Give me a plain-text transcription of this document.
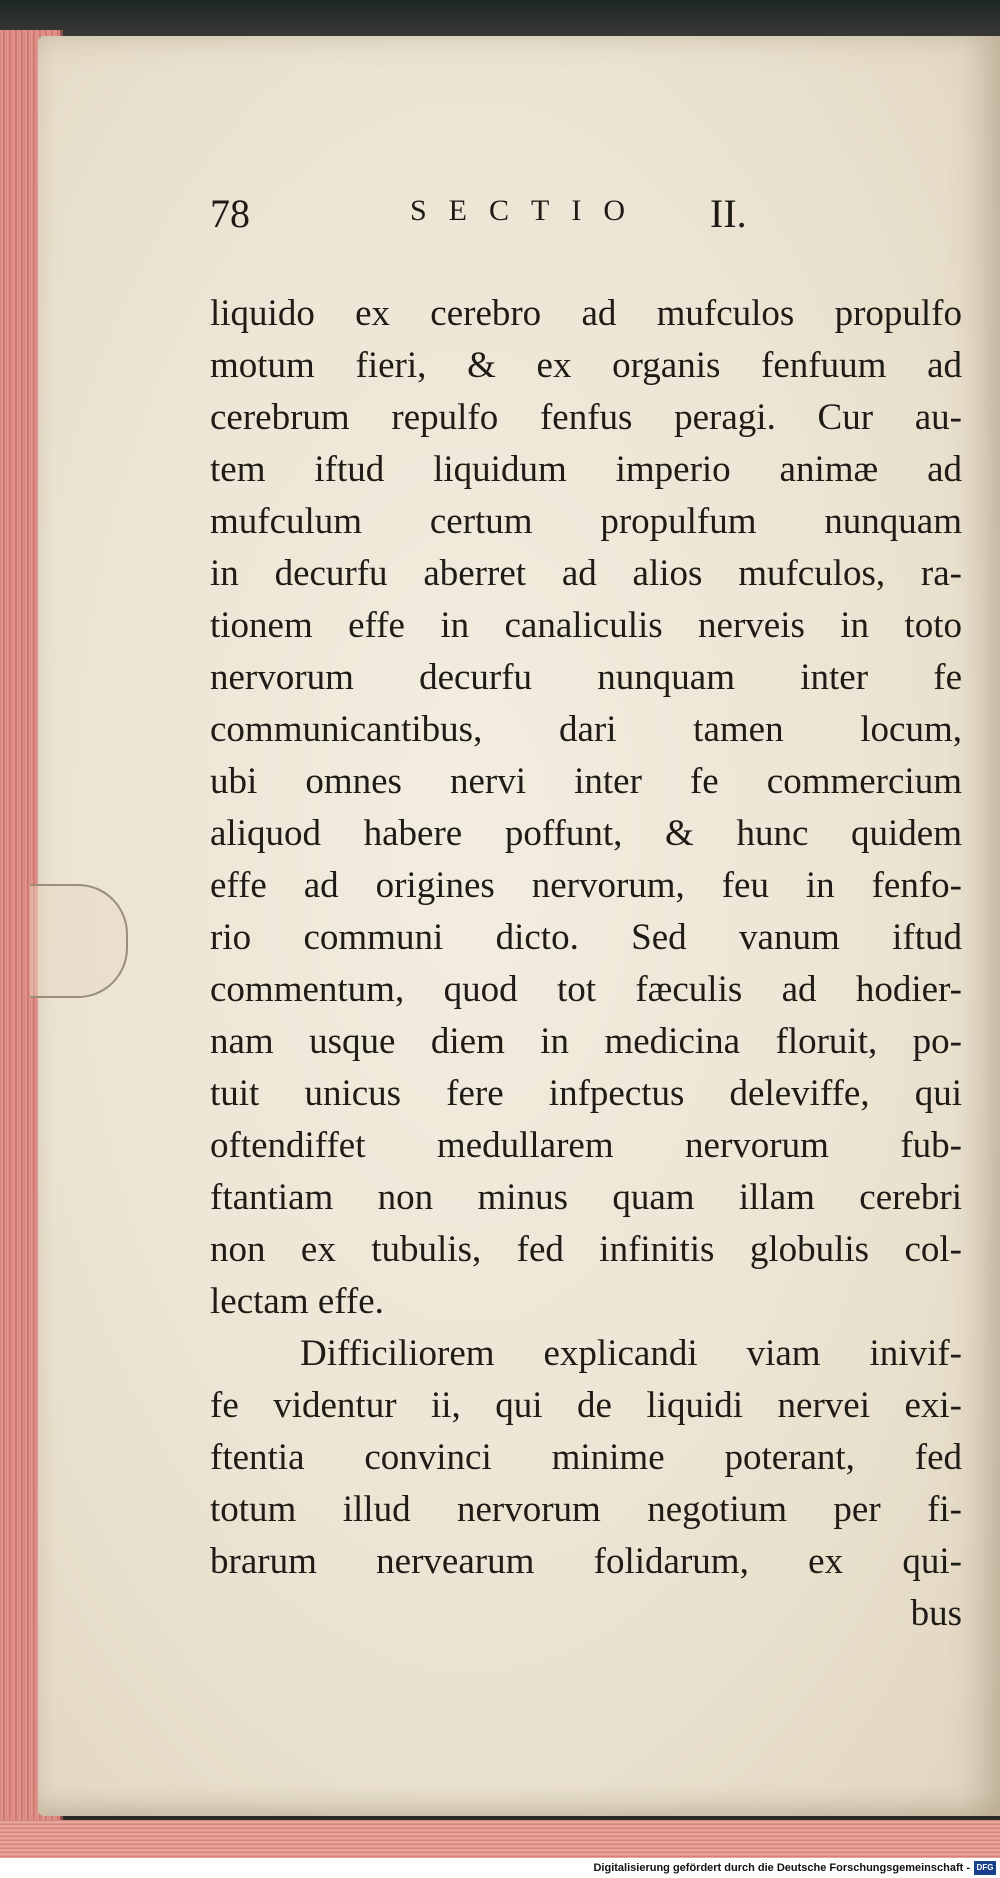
78	SECTIO II.
liquido ex cerebro ad mufculos propulfo
motum fieri, & ex organis fenfuum ad
cerebrum repulfo fenfus peragi. Cur au-
tem iftud liquidum imperio animæ ad
mufculum certum propulfum nunquam
in decurfu aberret ad alios mufculos, ra-
tionem effe in canaliculis nerveis in toto
nervorum decurfu nunquam inter fe
communicantibus, dari tamen locum,
ubi omnes nervi inter fe commercium
aliquod habere poffunt, & hunc quidem
effe ad origines nervorum, feu in fenfo-
rio communi dicto. Sed vanum iftud
commentum, quod tot fæculis ad hodier-
nam usque diem in medicina floruit, po-
tuit unicus fere infpectus deleviffe, qui
oftendiffet medullarem nervorum fub-
ftantiam non minus quam illam cerebri
non ex tubulis, fed infinitis globulis col-
lectam effe.
Difficiliorem explicandi viam inivif-
fe videntur ii, qui de liquidi nervei exi-
ftentia convinci minime poterant, fed
totum illud nervorum negotium per fi-
brarum nervearum folidarum, ex qui-
bus
Digitalisierung gefördert durch die Deutsche Forschungsgemeinschaft - DFG
